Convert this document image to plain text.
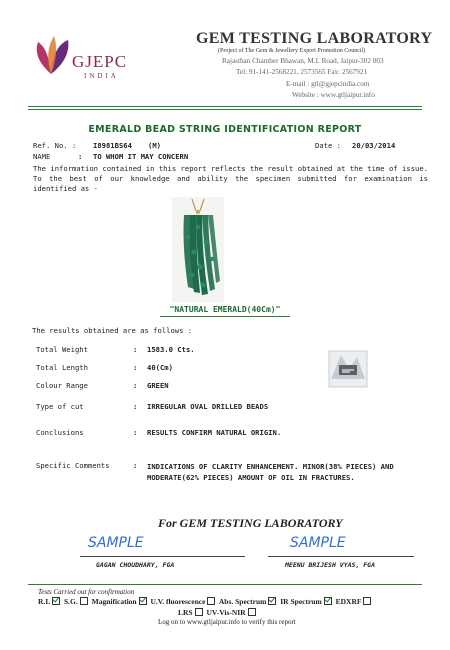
GJEPC
INDIA
GEM TESTING LABORATORY
(Project of The Gem & Jewellery Export Promotion Council)
Rajasthan Chamber Bhawan, M.I. Road, Jaipur-302 003
Tel: 91-141-2568221, 2573565 Fax: 2567921
E-mail : gtl@gjepcindia.com
Website : www.gtljaipur.info
EMERALD BEAD STRING IDENTIFICATION REPORT
Ref. No. : I8981BS64 (M)	Date : 20/03/2014
NAME	: TO WHOM IT MAY CONCERN
The information contained in this report reflects the result obtained at the time of issue. To the best of our knowledge and ability the specimen submitted for examination is identified as -
"NATURAL EMERALD(40Cm)"
The results obtained are as follows :
Total Weight	: 1583.0 Cts.
Total Length	: 40(Cm)
Colour Range	: GREEN
Type of cut	: IRREGULAR OVAL DRILLED BEADS
Conclusions	: RESULTS CONFIRM NATURAL ORIGIN.
Specific Comments	: INDICATIONS OF CLARITY ENHANCEMENT. MINOR(38% PIECES) AND MODERATE(62% PIECES) AMOUNT OF OIL IN FRACTURES.
For GEM TESTING LABORATORY
SAMPLE
GAGAN CHOUDHARY, FGA
SAMPLE
MEENU BRIJESH VYAS, FGA
Tests Carried out for confirmation
R.I. S.G. Magnification U.V. fluorescence Abs. Spectrum IR Spectrum EDXRF
LRS UV-Vis-NIR
Log on to www.gtljaipur.info to verify this report
